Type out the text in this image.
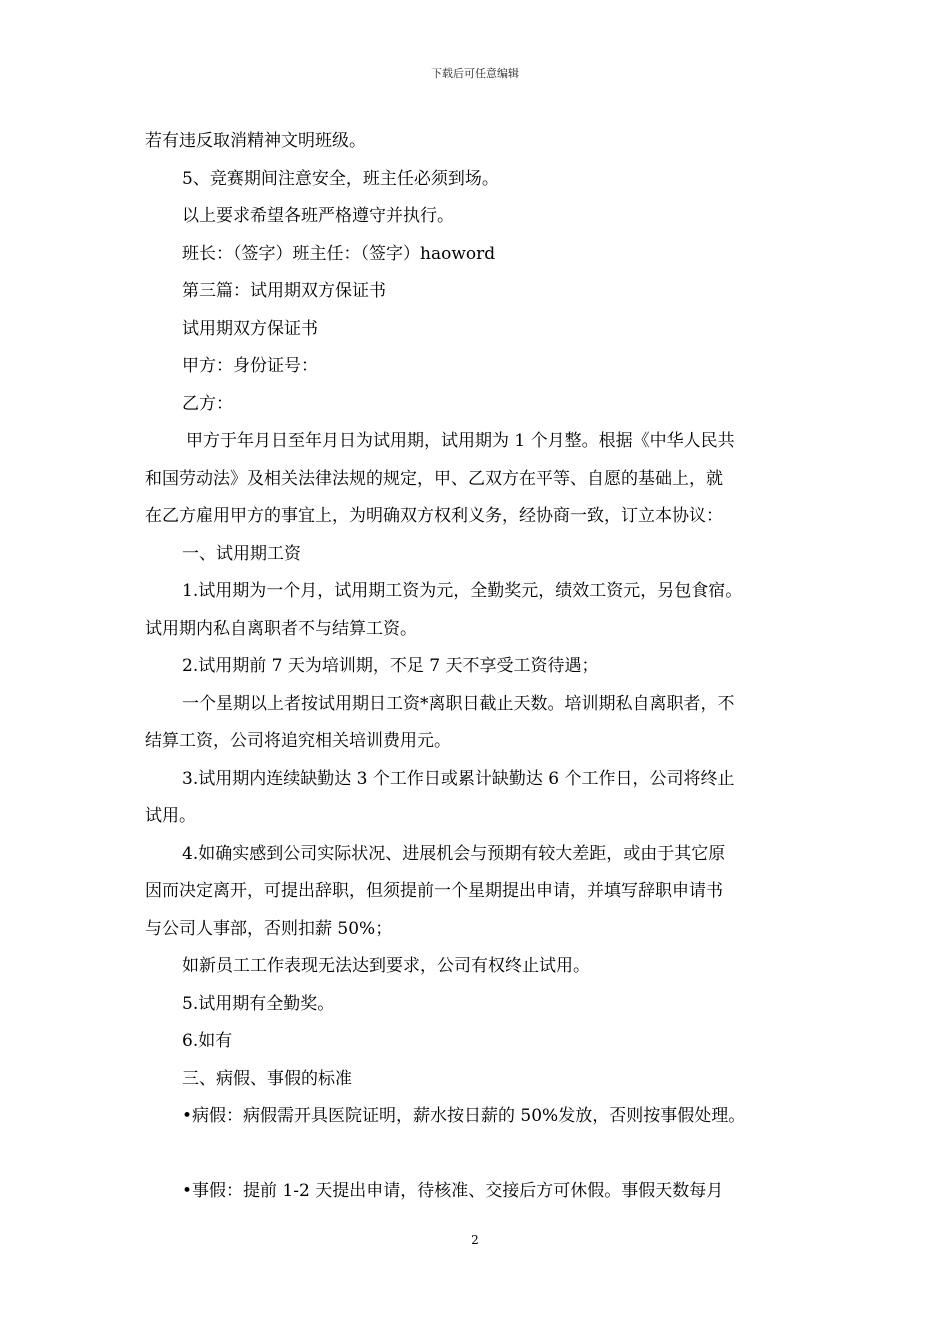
下载后可任意编辑

若有违反取消精神文明班级。

5、竞赛期间注意安全，班主任必须到场。

以上要求希望各班严格遵守并执行。

班长：（签字）班主任：（签字）haoword

第三篇：试用期双方保证书

试用期双方保证书

甲方：身份证号：

乙方：

甲方于年月日至年月日为试用期，试用期为 1 个月整。根据《中华人民共

和国劳动法》及相关法律法规的规定，甲、乙双方在平等、自愿的基础上，就

在乙方雇用甲方的事宜上，为明确双方权利义务，经协商一致，订立本协议：

一、试用期工资

1.试用期为一个月，试用期工资为元，全勤奖元，绩效工资元，另包食宿。

试用期内私自离职者不与结算工资。

2.试用期前 7 天为培训期，不足 7 天不享受工资待遇；

一个星期以上者按试用期日工资*离职日截止天数。培训期私自离职者，不

结算工资，公司将追究相关培训费用元。

3.试用期内连续缺勤达 3 个工作日或累计缺勤达 6 个工作日，公司将终止

试用。

4.如确实感到公司实际状况、进展机会与预期有较大差距，或由于其它原

因而决定离开，可提出辞职，但须提前一个星期提出申请，并填写辞职申请书

与公司人事部，否则扣薪 50%；

如新员工工作表现无法达到要求，公司有权终止试用。

5.试用期有全勤奖。

6.如有

三、病假、事假的标准

•病假：病假需开具医院证明，薪水按日薪的 50%发放，否则按事假处理。

•事假：提前 1-2 天提出申请，待核准、交接后方可休假。事假天数每月

2
